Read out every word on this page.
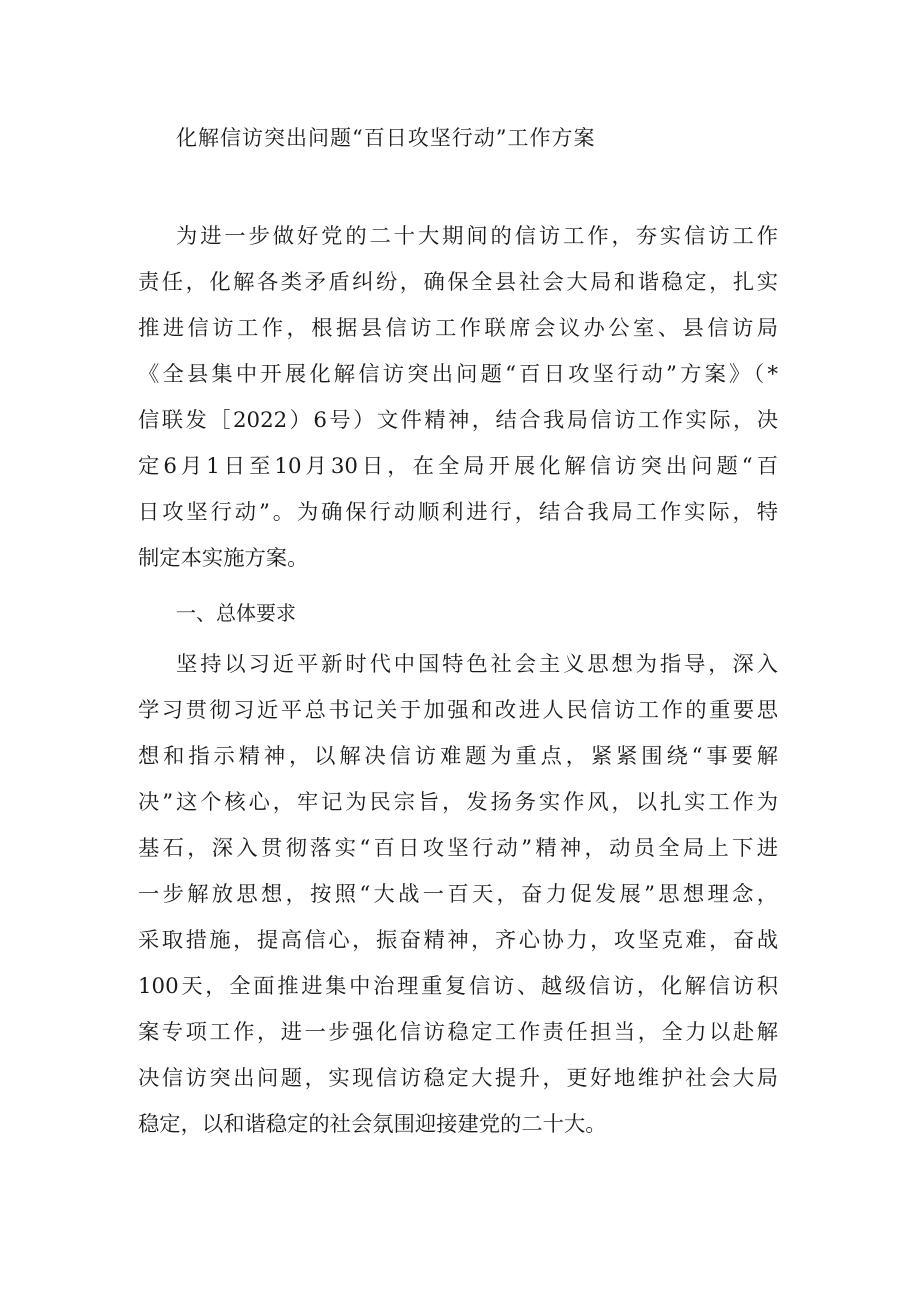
化解信访突出问题“百日攻坚行动”工作方案
为进一步做好党的二十大期间的信访工作，夯实信访工作
责任，化解各类矛盾纠纷，确保全县社会大局和谐稳定，扎实
推进信访工作，根据县信访工作联席会议办公室、县信访局
《全县集中开展化解信访突出问题“百日攻坚行动”方案》（*
信联发［2022）6号）文件精神，结合我局信访工作实际，决
定6月1日至10月30日，在全局开展化解信访突出问题“百
日攻坚行动”。为确保行动顺利进行，结合我局工作实际，特
制定本实施方案。
一、总体要求
坚持以习近平新时代中国特色社会主义思想为指导，深入
学习贯彻习近平总书记关于加强和改进人民信访工作的重要思
想和指示精神，以解决信访难题为重点，紧紧围绕“事要解
决”这个核心，牢记为民宗旨，发扬务实作风，以扎实工作为
基石，深入贯彻落实“百日攻坚行动”精神，动员全局上下进
一步解放思想，按照“大战一百天，奋力促发展”思想理念，
采取措施，提高信心，振奋精神，齐心协力，攻坚克难，奋战
100天，全面推进集中治理重复信访、越级信访，化解信访积
案专项工作，进一步强化信访稳定工作责任担当，全力以赴解
决信访突出问题，实现信访稳定大提升，更好地维护社会大局
稳定，以和谐稳定的社会氛围迎接建党的二十大。
